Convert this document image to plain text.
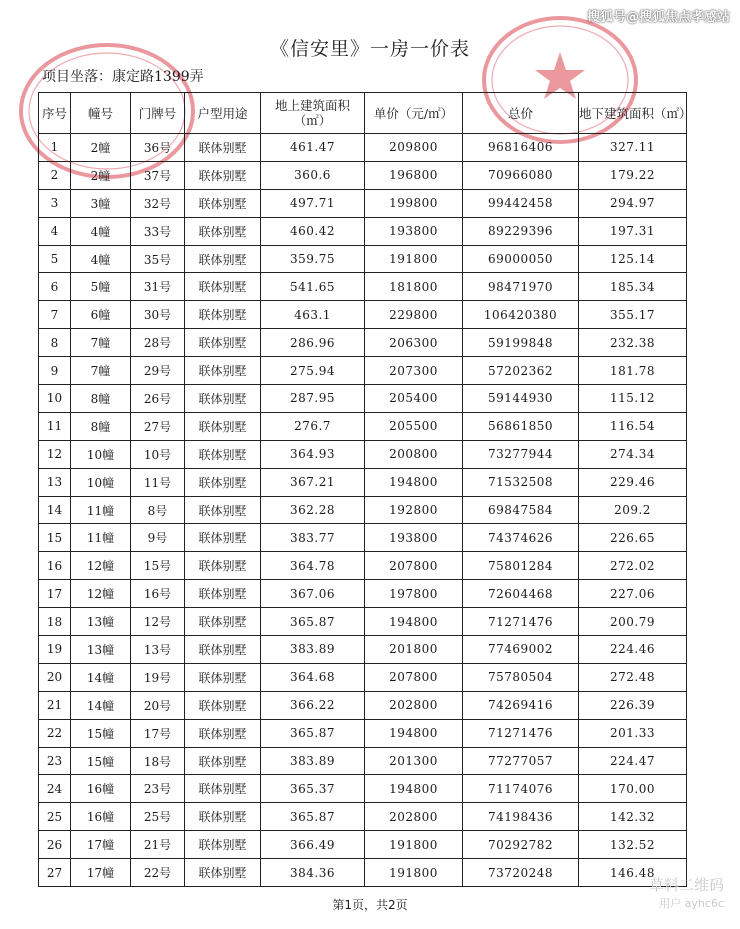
搜狐号@搜狐焦点孝感站
《信安里》一房一价表
项目坐落：康定路1399弄
序号	幢号	门牌号	户型用途	地上建筑面积（㎡）	单价（元/㎡）	总价	地下建筑面积（㎡）
1	2幢	36号	联体别墅	461.47	209800	96816406	327.11
2	2幢	37号	联体别墅	360.6	196800	70966080	179.22
3	3幢	32号	联体别墅	497.71	199800	99442458	294.97
4	4幢	33号	联体别墅	460.42	193800	89229396	197.31
5	4幢	35号	联体别墅	359.75	191800	69000050	125.14
6	5幢	31号	联体别墅	541.65	181800	98471970	185.34
7	6幢	30号	联体别墅	463.1	229800	106420380	355.17
8	7幢	28号	联体别墅	286.96	206300	59199848	232.38
9	7幢	29号	联体别墅	275.94	207300	57202362	181.78
10	8幢	26号	联体别墅	287.95	205400	59144930	115.12
11	8幢	27号	联体别墅	276.7	205500	56861850	116.54
12	10幢	10号	联体别墅	364.93	200800	73277944	274.34
13	10幢	11号	联体别墅	367.21	194800	71532508	229.46
14	11幢	8号	联体别墅	362.28	192800	69847584	209.2
15	11幢	9号	联体别墅	383.77	193800	74374626	226.65
16	12幢	15号	联体别墅	364.78	207800	75801284	272.02
17	12幢	16号	联体别墅	367.06	197800	72604468	227.06
18	13幢	12号	联体别墅	365.87	194800	71271476	200.79
19	13幢	13号	联体别墅	383.89	201800	77469002	224.46
20	14幢	19号	联体别墅	364.68	207800	75780504	272.48
21	14幢	20号	联体别墅	366.22	202800	74269416	226.39
22	15幢	17号	联体别墅	365.87	194800	71271476	201.33
23	15幢	18号	联体别墅	383.89	201300	77277057	224.47
24	16幢	23号	联体别墅	365.37	194800	71174076	170.00
25	16幢	25号	联体别墅	365.87	202800	74198436	142.32
26	17幢	21号	联体别墅	366.49	191800	70292782	132.52
27	17幢	22号	联体别墅	384.36	191800	73720248	146.48
第1页，共2页
草料二维码
用户 ayhc6c
